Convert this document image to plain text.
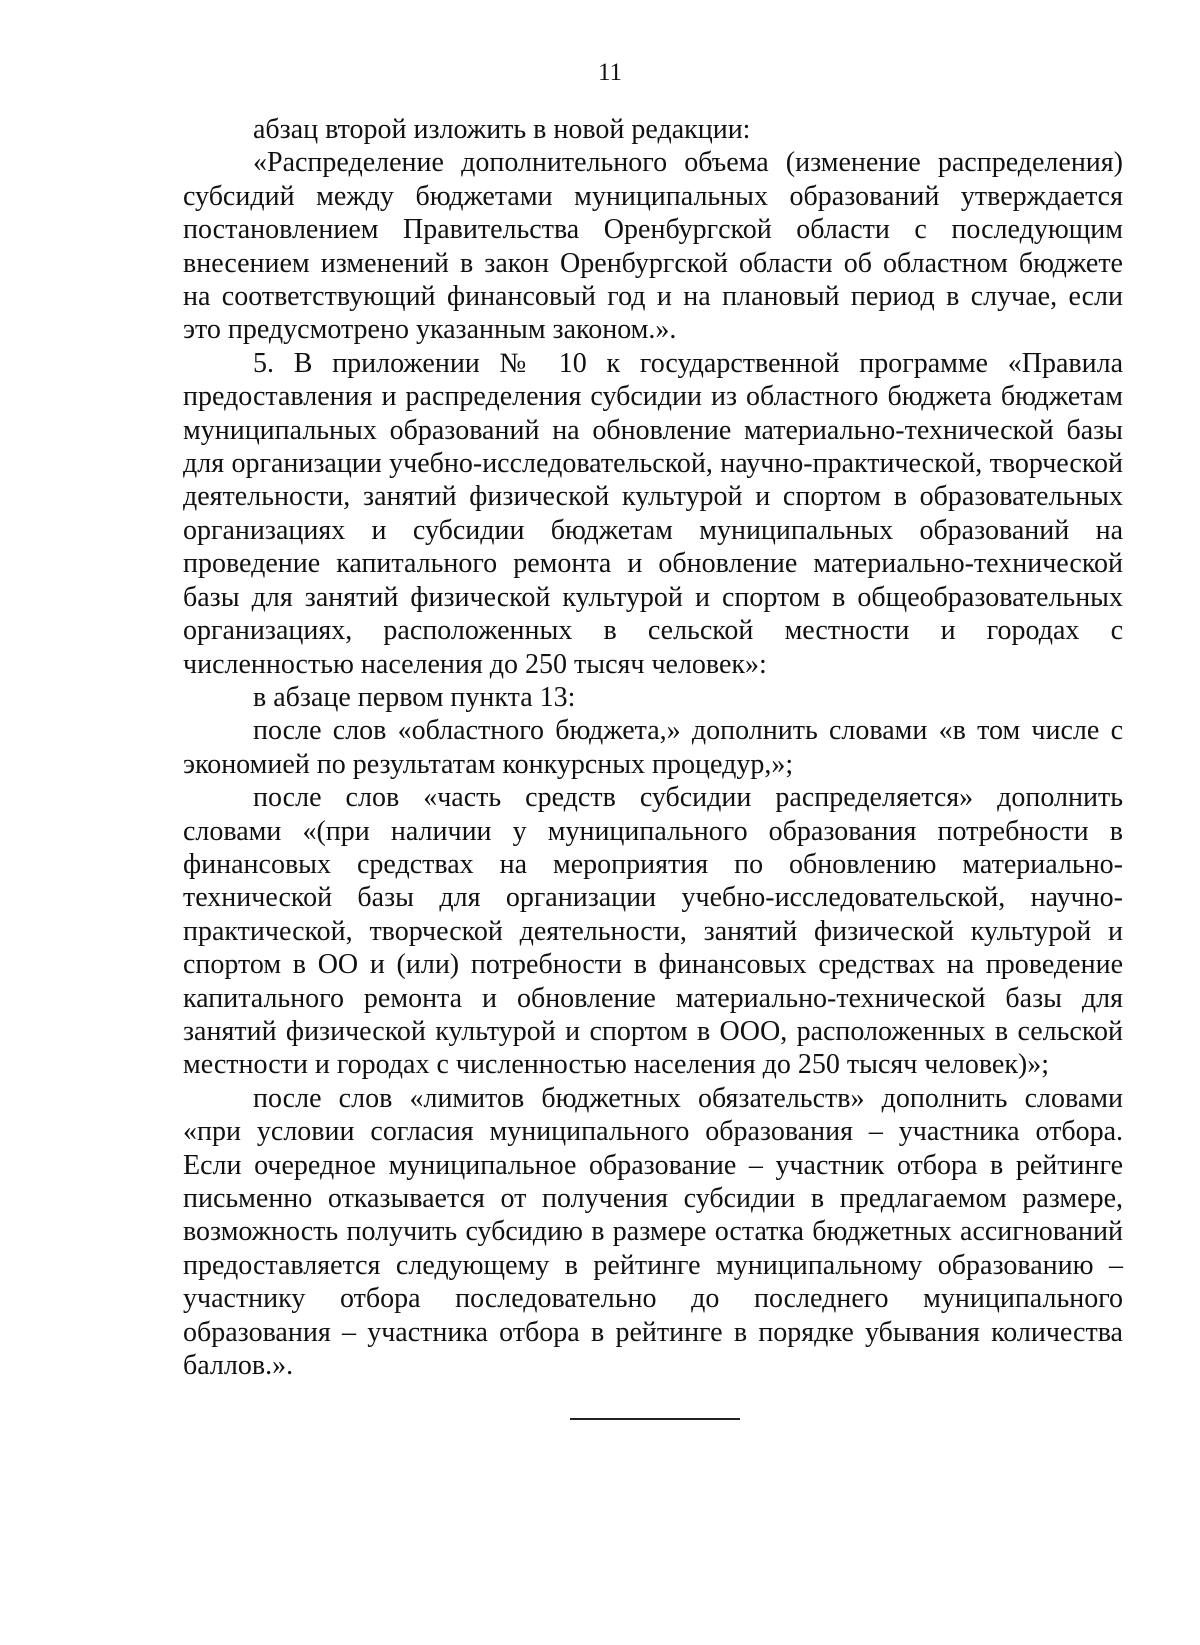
11

абзац второй изложить в новой редакции:

«Распределение дополнительного объема (изменение распределения) субсидий между бюджетами муниципальных образований утверждается постановлением Правительства Оренбургской области с последующим внесением изменений в закон Оренбургской области об областном бюджете на соответствующий финансовый год и на плановый период в случае, если это предусмотрено указанным законом.».

5. В приложении № 10 к государственной программе «Правила предоставления и распределения субсидии из областного бюджета бюджетам муниципальных образований на обновление материально-технической базы для организации учебно-исследовательской, научно-практической, творческой деятельности, занятий физической культурой и спортом в образовательных организациях и субсидии бюджетам муниципальных образований на проведение капитального ремонта и обновление материально-технической базы для занятий физической культурой и спортом в общеобразовательных организациях, расположенных в сельской местности и городах с численностью населения до 250 тысяч человек»:

в абзаце первом пункта 13:

после слов «областного бюджета,» дополнить словами «в том числе с экономией по результатам конкурсных процедур,»;

после слов «часть средств субсидии распределяется» дополнить словами «(при наличии у муниципального образования потребности в финансовых средствах на мероприятия по обновлению материально-технической базы для организации учебно-исследовательской, научно-практической, творческой деятельности, занятий физической культурой и спортом в ОО и (или) потребности в финансовых средствах на проведение капитального ремонта и обновление материально-технической базы для занятий физической культурой и спортом в ООО, расположенных в сельской местности и городах с численностью населения до 250 тысяч человек)»;

после слов «лимитов бюджетных обязательств» дополнить словами «при условии согласия муниципального образования – участника отбора. Если очередное муниципальное образование – участник отбора в рейтинге письменно отказывается от получения субсидии в предлагаемом размере, возможность получить субсидию в размере остатка бюджетных ассигнований предоставляется следующему в рейтинге муниципальному образованию – участнику отбора последовательно до последнего муниципального образования – участника отбора в рейтинге в порядке убывания количества баллов.».
